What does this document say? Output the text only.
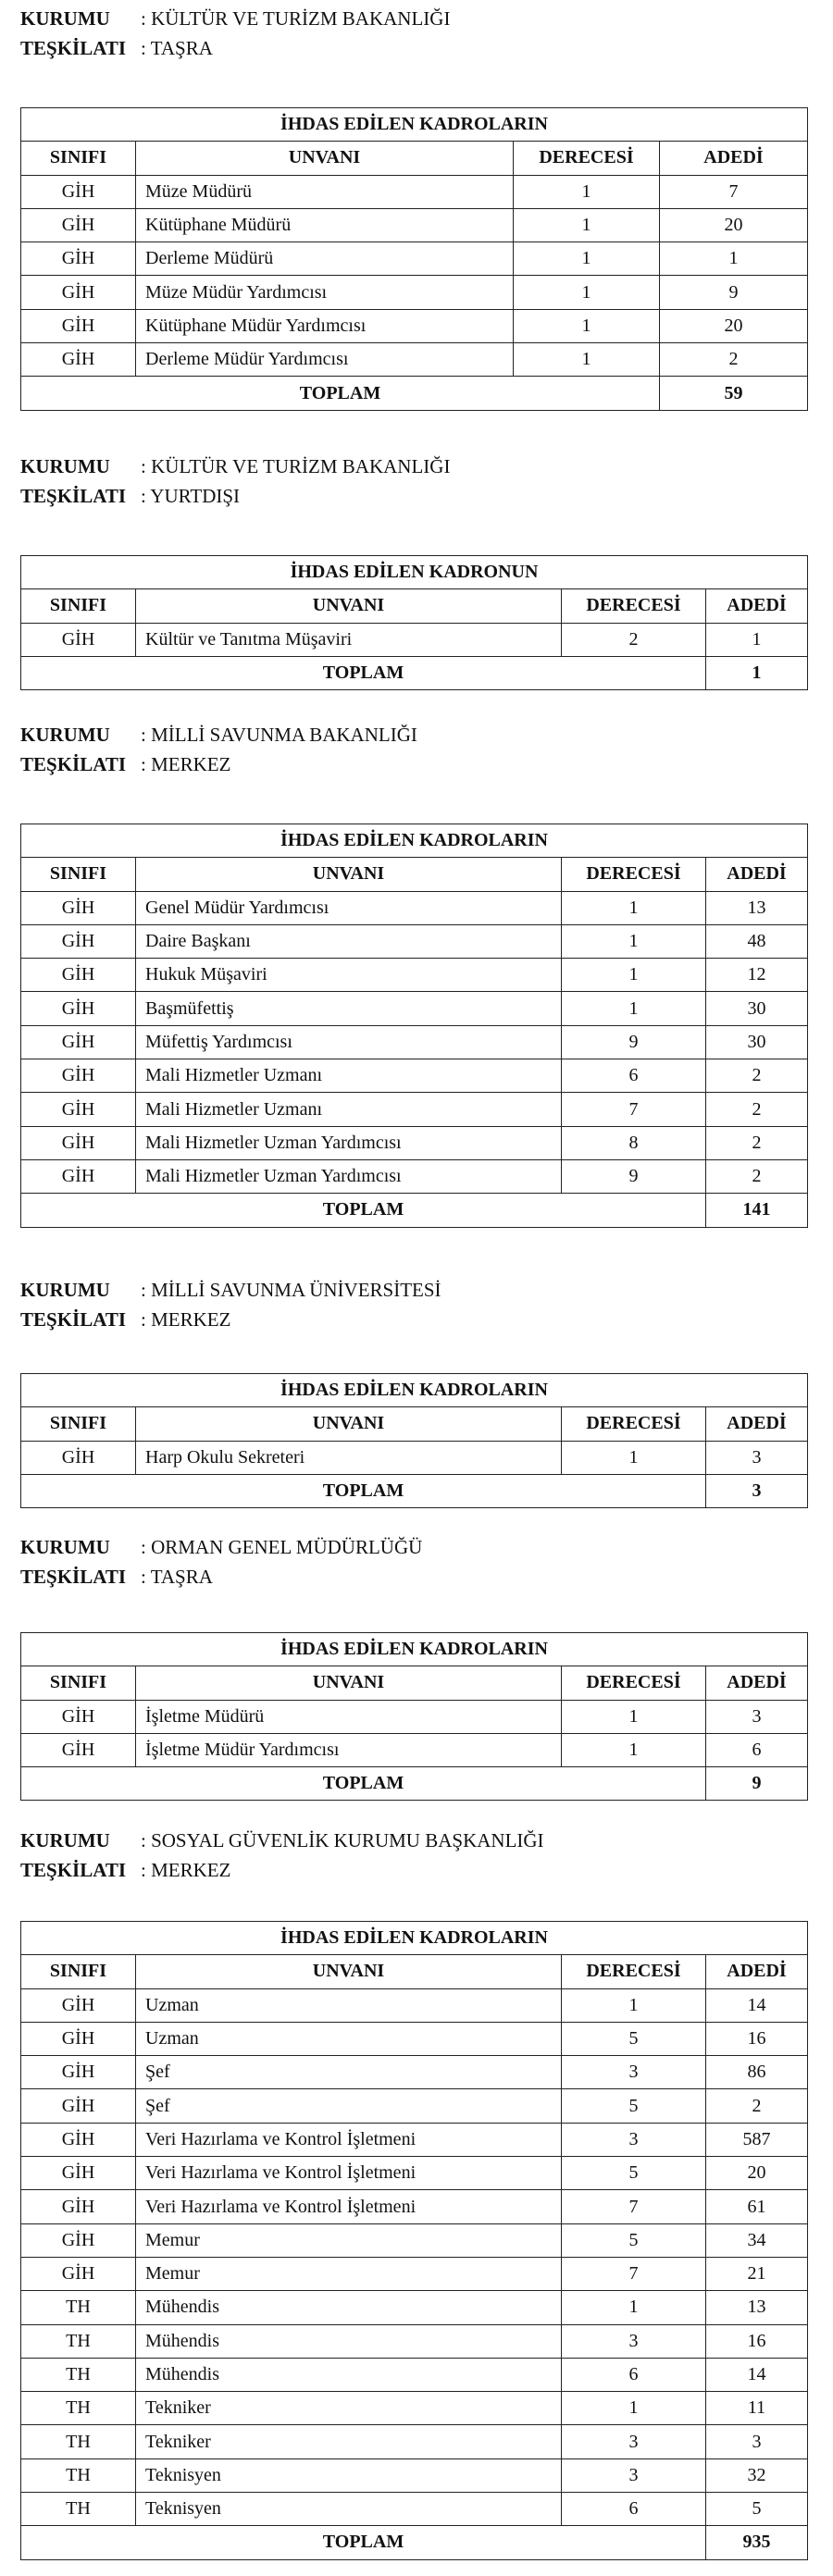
KURUMU : KÜLTÜR VE TURİZM BAKANLIĞI
TEŞKİLATI : TAŞRA
İHDAS EDİLEN KADROLARIN			
SINIFI	UNVANI	DERECESİ	ADEDİ
GİH	Müze Müdürü	1	7
GİH	Kütüphane Müdürü	1	20
GİH	Derleme Müdürü	1	1
GİH	Müze Müdür Yardımcısı	1	9
GİH	Kütüphane Müdür Yardımcısı	1	20
GİH	Derleme Müdür Yardımcısı	1	2
TOPLAM			59
KURUMU : KÜLTÜR VE TURİZM BAKANLIĞI
TEŞKİLATI : YURTDIŞI
İHDAS EDİLEN KADRONUN			
SINIFI	UNVANI	DERECESİ	ADEDİ
GİH	Kültür ve Tanıtma Müşaviri	2	1
TOPLAM			1
KURUMU : MİLLİ SAVUNMA BAKANLIĞI
TEŞKİLATI : MERKEZ
İHDAS EDİLEN KADROLARIN			
SINIFI	UNVANI	DERECESİ	ADEDİ
GİH	Genel Müdür Yardımcısı	1	13
GİH	Daire Başkanı	1	48
GİH	Hukuk Müşaviri	1	12
GİH	Başmüfettiş	1	30
GİH	Müfettiş Yardımcısı	9	30
GİH	Mali Hizmetler Uzmanı	6	2
GİH	Mali Hizmetler Uzmanı	7	2
GİH	Mali Hizmetler Uzman Yardımcısı	8	2
GİH	Mali Hizmetler Uzman Yardımcısı	9	2
TOPLAM			141
KURUMU : MİLLİ SAVUNMA ÜNİVERSİTESİ
TEŞKİLATI : MERKEZ
İHDAS EDİLEN KADROLARIN			
SINIFI	UNVANI	DERECESİ	ADEDİ
GİH	Harp Okulu Sekreteri	1	3
TOPLAM			3
KURUMU : ORMAN GENEL MÜDÜRLÜĞÜ
TEŞKİLATI : TAŞRA
İHDAS EDİLEN KADROLARIN			
SINIFI	UNVANI	DERECESİ	ADEDİ
GİH	İşletme Müdürü	1	3
GİH	İşletme Müdür Yardımcısı	1	6
TOPLAM			9
KURUMU : SOSYAL GÜVENLİK KURUMU BAŞKANLIĞI
TEŞKİLATI : MERKEZ
İHDAS EDİLEN KADROLARIN			
SINIFI	UNVANI	DERECESİ	ADEDİ
GİH	Uzman	1	14
GİH	Uzman	5	16
GİH	Şef	3	86
GİH	Şef	5	2
GİH	Veri Hazırlama ve Kontrol İşletmeni	3	587
GİH	Veri Hazırlama ve Kontrol İşletmeni	5	20
GİH	Veri Hazırlama ve Kontrol İşletmeni	7	61
GİH	Memur	5	34
GİH	Memur	7	21
TH	Mühendis	1	13
TH	Mühendis	3	16
TH	Mühendis	6	14
TH	Tekniker	1	11
TH	Tekniker	3	3
TH	Teknisyen	3	32
TH	Teknisyen	6	5
TOPLAM			935
